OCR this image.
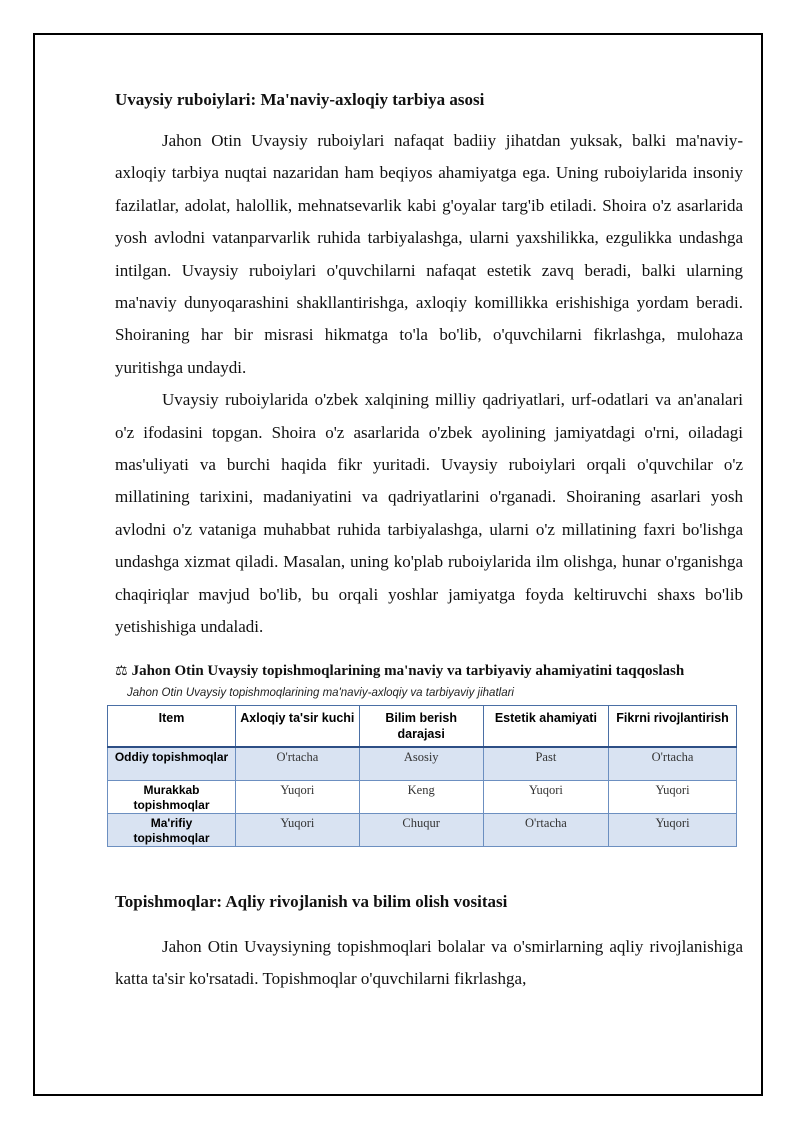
Uvaysiy ruboiylari: Ma'naviy-axloqiy tarbiya asosi

Jahon Otin Uvaysiy ruboiylari nafaqat badiiy jihatdan yuksak, balki ma'naviy-axloqiy tarbiya nuqtai nazaridan ham beqiyos ahamiyatga ega. Uning ruboiylarida insoniy fazilatlar, adolat, halollik, mehnatsevarlik kabi g'oyalar targ'ib etiladi. Shoira o'z asarlarida yosh avlodni vatanparvarlik ruhida tarbiyalashga, ularni yaxshilikka, ezgulikka undashga intilgan. Uvaysiy ruboiylari o'quvchilarni nafaqat estetik zavq beradi, balki ularning ma'naviy dunyoqarashini shakllantirishga, axloqiy komillikka erishishiga yordam beradi. Shoiraning har bir misrasi hikmatga to'la bo'lib, o'quvchilarni fikrlashga, mulohaza yuritishga undaydi.

Uvaysiy ruboiylarida o'zbek xalqining milliy qadriyatlari, urf-odatlari va an'analari o'z ifodasini topgan. Shoira o'z asarlarida o'zbek ayolining jamiyatdagi o'rni, oiladagi mas'uliyati va burchi haqida fikr yuritadi. Uvaysiy ruboiylari orqali o'quvchilar o'z millatining tarixini, madaniyatini va qadriyatlarini o'rganadi. Shoiraning asarlari yosh avlodni o'z vataniga muhabbat ruhida tarbiyalashga, ularni o'z millatining faxri bo'lishga undashga xizmat qiladi. Masalan, uning ko'plab ruboiylarida ilm olishga, hunar o'rganishga chaqiriqlar mavjud bo'lib, bu orqali yoshlar jamiyatga foyda keltiruvchi shaxs bo'lib yetishishiga undaladi.

⚖ Jahon Otin Uvaysiy topishmoqlarining ma'naviy va tarbiyaviy ahamiyatini taqqoslash
Jahon Otin Uvaysiy topishmoqlarining ma'naviy-axloqiy va tarbiyaviy jihatlari
Item	Axloqiy ta'sir kuchi	Bilim berish darajasi	Estetik ahamiyati	Fikrni rivojlantirish
Oddiy topishmoqlar	O'rtacha	Asosiy	Past	O'rtacha
Murakkab topishmoqlar	Yuqori	Keng	Yuqori	Yuqori
Ma'rifiy topishmoqlar	Yuqori	Chuqur	O'rtacha	Yuqori
Topishmoqlar: Aqliy rivojlanish va bilim olish vositasi

Jahon Otin Uvaysiyning topishmoqlari bolalar va o'smirlarning aqliy rivojlanishiga katta ta'sir ko'rsatadi. Topishmoqlar o'quvchilarni fikrlashga,
